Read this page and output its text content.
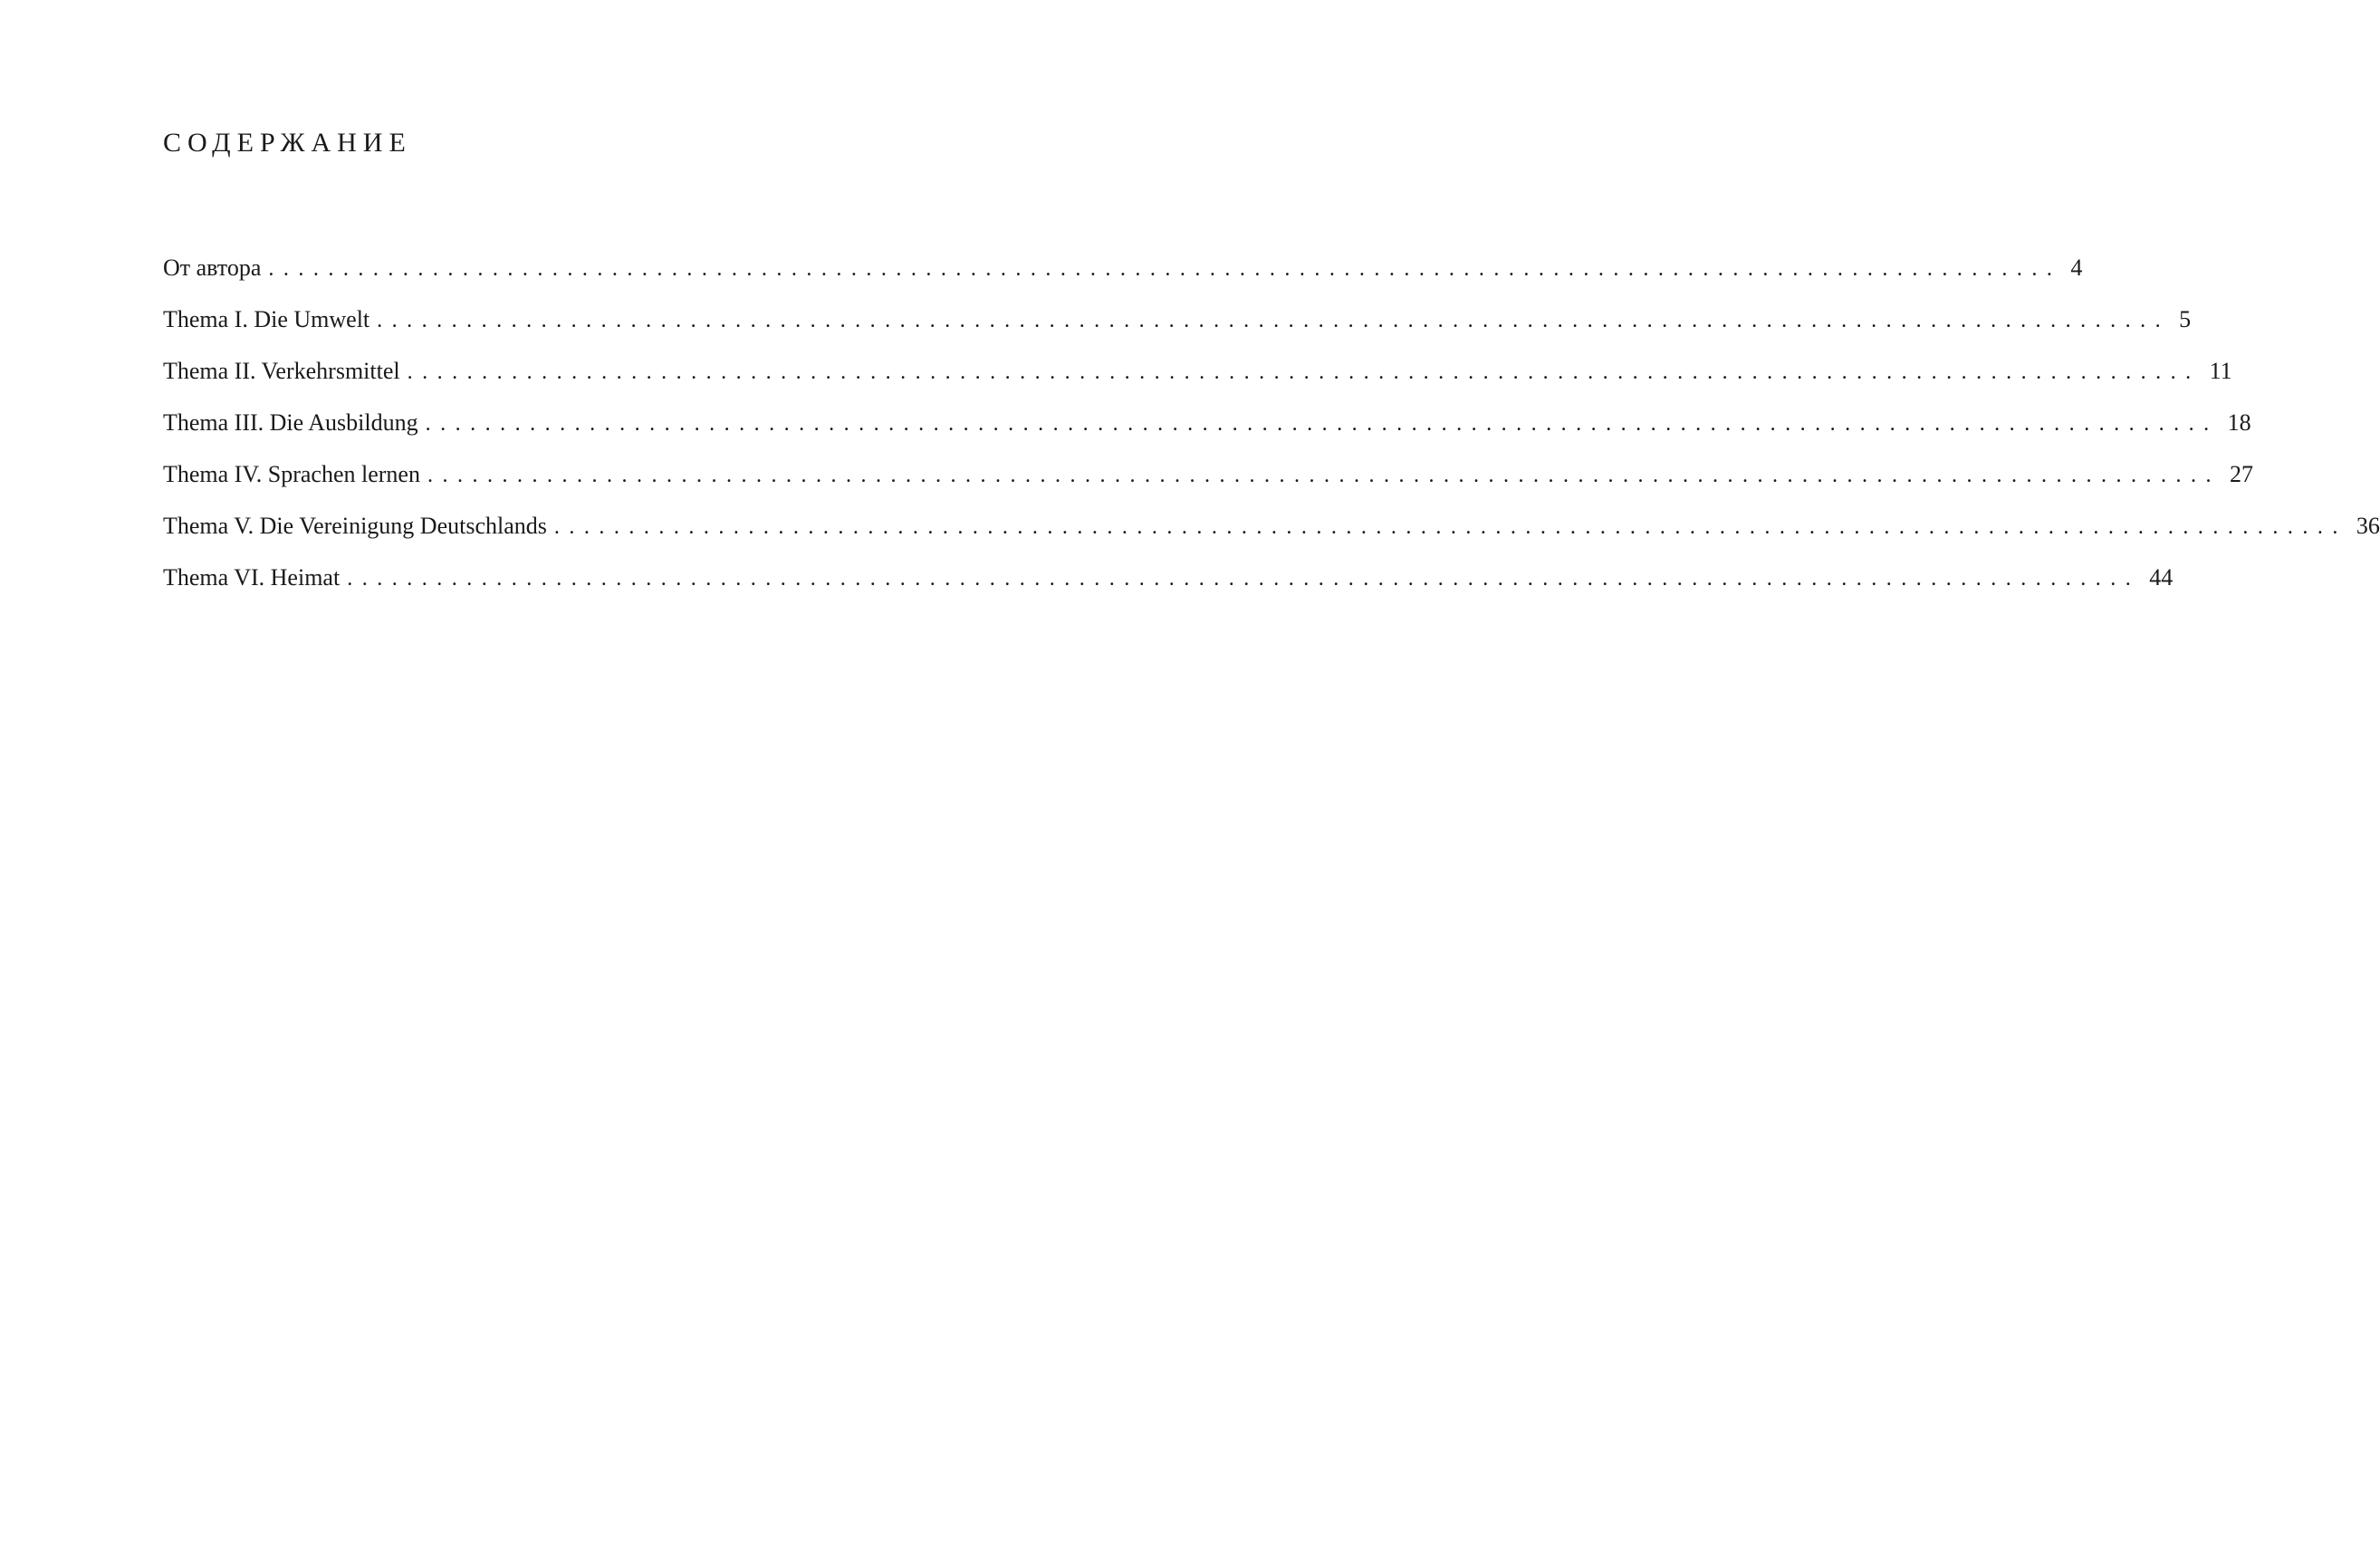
СОДЕРЖАНИЕ
От автора ........................................................................................................................ 4
Thema I. Die Umwelt ........................................................................................................................ 5
Thema II. Verkehrsmittel ........................................................................................................................ 11
Thema III. Die Ausbildung ........................................................................................................................ 18
Thema IV. Sprachen lernen ........................................................................................................................ 27
Thema V. Die Vereinigung Deutschlands ........................................................................................................................ 36
Thema VI. Heimat ........................................................................................................................ 44
